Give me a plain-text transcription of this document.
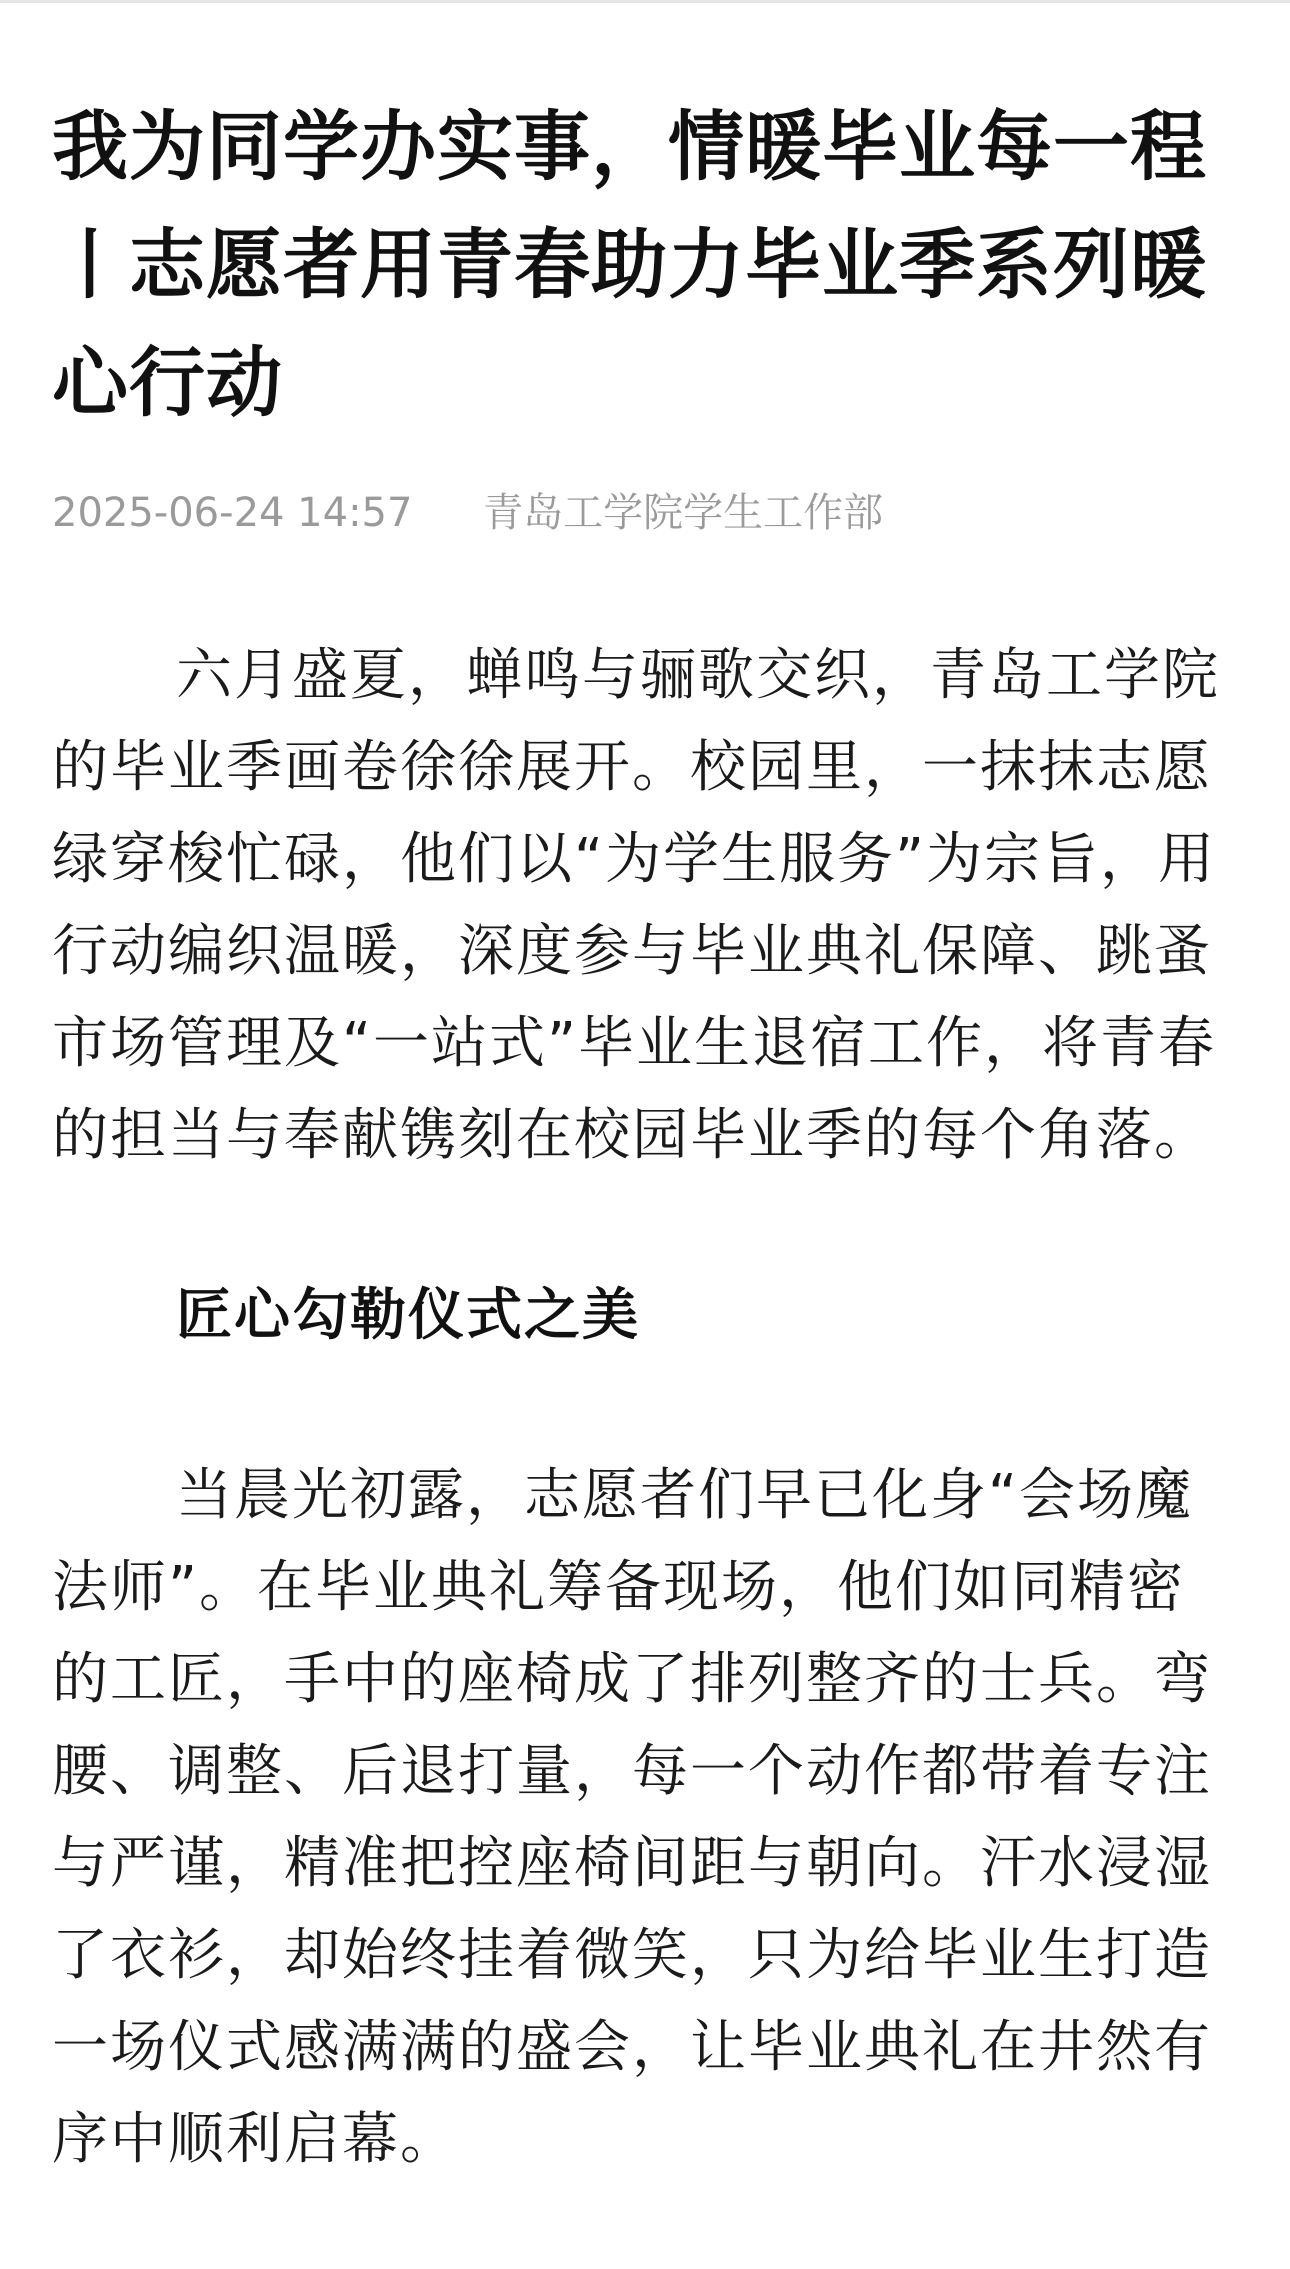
我为同学办实事，情暖毕业每一程丨志愿者用青春助力毕业季系列暖心行动
2025-06-24 14:57 青岛工学院学生工作部

六月盛夏，蝉鸣与骊歌交织，青岛工学院的毕业季画卷徐徐展开。校园里，一抹抹志愿绿穿梭忙碌，他们以“为学生服务”为宗旨，用行动编织温暖，深度参与毕业典礼保障、跳蚤市场管理及“一站式”毕业生退宿工作，将青春的担当与奉献镌刻在校园毕业季的每个角落。

匠心勾勒仪式之美

当晨光初露，志愿者们早已化身“会场魔法师”。在毕业典礼筹备现场，他们如同精密的工匠，手中的座椅成了排列整齐的士兵。弯腰、调整、后退打量，每一个动作都带着专注与严谨，精准把控座椅间距与朝向。汗水浸湿了衣衫，却始终挂着微笑，只为给毕业生打造一场仪式感满满的盛会，让毕业典礼在井然有序中顺利启幕。
